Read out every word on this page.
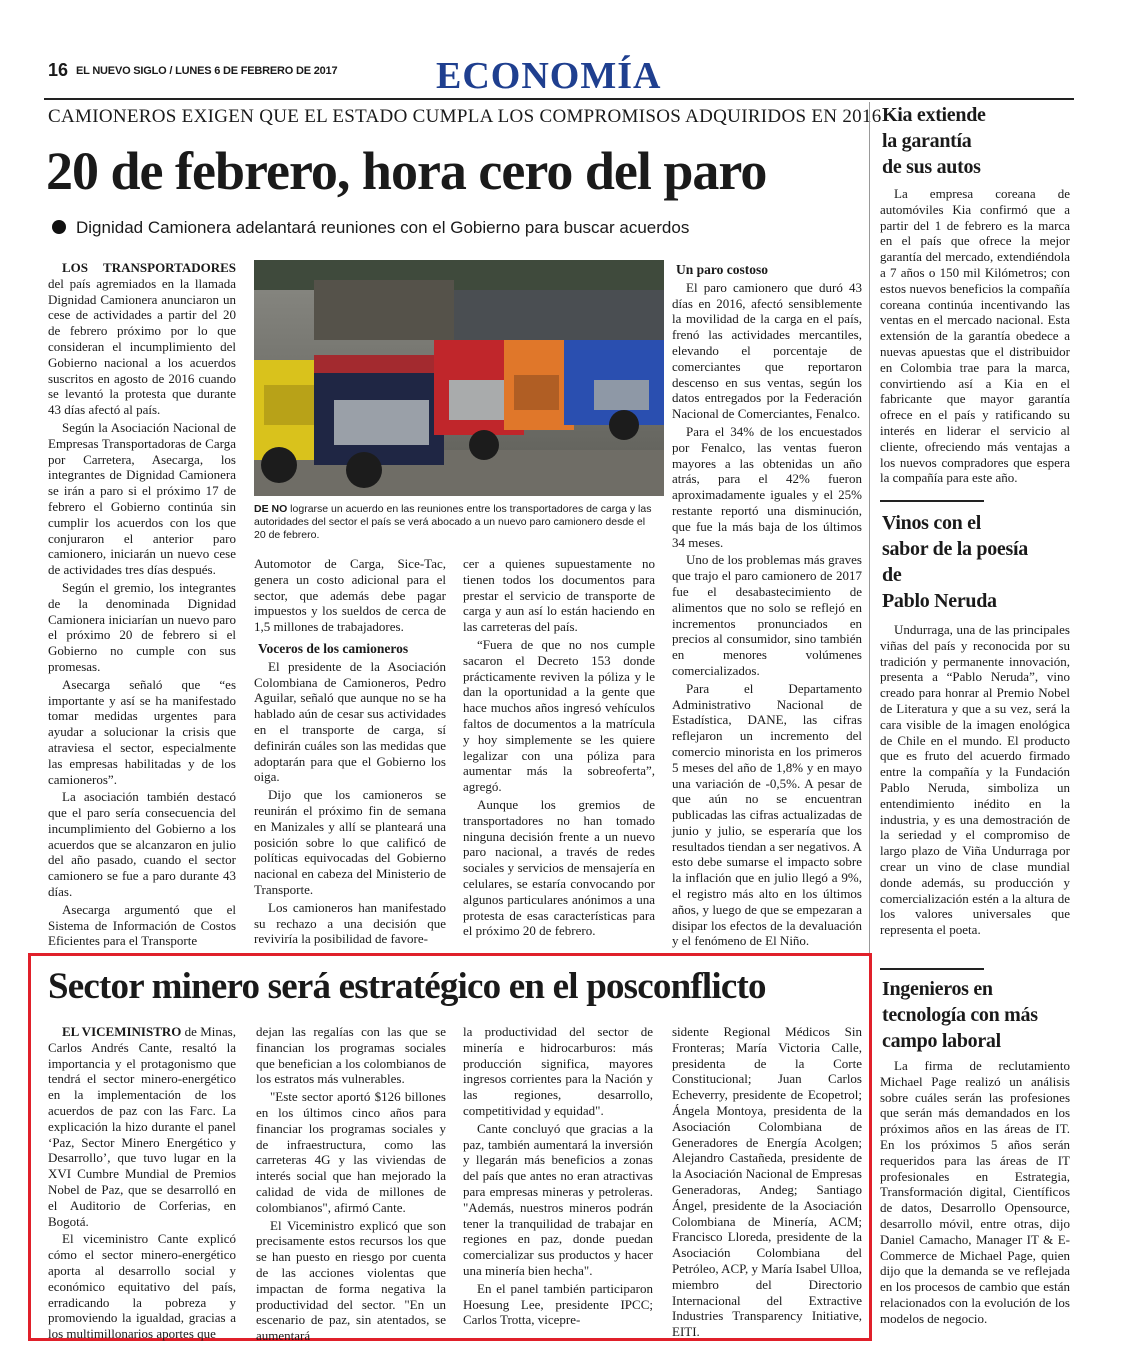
16 EL NUEVO SIGLO / LUNES 6 DE FEBRERO DE 2017	ECONOMÍA
CAMIONEROS EXIGEN QUE EL ESTADO CUMPLA LOS COMPROMISOS ADQUIRIDOS EN 2016
20 de febrero, hora cero del paro
Dignidad Camionera adelantará reuniones con el Gobierno para buscar acuerdos

LOS TRANSPORTADORES del país agremiados en la llamada Dignidad Camionera anunciaron un cese de actividades a partir del 20 de febrero próximo por lo que consideran el incumplimiento del Gobierno nacional a los acuerdos suscritos en agosto de 2016 cuando se levantó la protesta que durante 43 días afectó al país.

Según la Asociación Nacional de Empresas Transportadoras de Carga por Carretera, Asecarga, los integrantes de Dignidad Camionera se irán a paro si el próximo 17 de febrero el Gobierno continúa sin cumplir los acuerdos con los que conjuraron el anterior paro camionero, iniciarán un nuevo cese de actividades tres días después.

Según el gremio, los integrantes de la denominada Dignidad Camionera iniciarían un nuevo paro el próximo 20 de febrero si el Gobierno no cumple con sus promesas.

Asecarga señaló que “es importante y así se ha manifestado tomar medidas urgentes para ayudar a solucionar la crisis que atraviesa el sector, especialmente las empresas habilitadas y de los camioneros”.

La asociación también destacó que el paro sería consecuencia del incumplimiento del Gobierno a los acuerdos que se alcanzaron en julio del año pasado, cuando el sector camionero se fue a paro durante 43 días.

Asecarga argumentó que el Sistema de Información de Costos Eficientes para el Transporte

DE NO lograrse un acuerdo en las reuniones entre los transportadores de carga y las autoridades del sector el país se verá abocado a un nuevo paro camionero desde el 20 de febrero.

Automotor de Carga, Sice-Tac, genera un costo adicional para el sector, que además debe pagar impuestos y los sueldos de cerca de 1,5 millones de trabajadores.

Voceros de los camioneros

El presidente de la Asociación Colombiana de Camioneros, Pedro Aguilar, señaló que aunque no se ha hablado aún de cesar sus actividades en el transporte de carga, sí definirán cuáles son las medidas que adoptarán para que el Gobierno los oiga.

Dijo que los camioneros se reunirán el próximo fin de semana en Manizales y allí se planteará una posición sobre lo que calificó de políticas equivocadas del Gobierno nacional en cabeza del Ministerio de Transporte.

Los camioneros han manifestado su rechazo a una decisión que reviviría la posibilidad de favore-

cer a quienes supuestamente no tienen todos los documentos para prestar el servicio de transporte de carga y aun así lo están haciendo en las carreteras del país.

“Fuera de que no nos cumple sacaron el Decreto 153 donde prácticamente reviven la póliza y le dan la oportunidad a la gente que hace muchos años ingresó vehículos faltos de documentos a la matrícula y hoy simplemente se les quiere legalizar con una póliza para aumentar más la sobreoferta”, agregó.

Aunque los gremios de transportadores no han tomado ninguna decisión frente a un nuevo paro nacional, a través de redes sociales y servicios de mensajería en celulares, se estaría convocando por algunos particulares anónimos a una protesta de esas características para el próximo 20 de febrero.

Un paro costoso

El paro camionero que duró 43 días en 2016, afectó sensiblemente la movilidad de la carga en el país, frenó las actividades mercantiles, elevando el porcentaje de comerciantes que reportaron descenso en sus ventas, según los datos entregados por la Federación Nacional de Comerciantes, Fenalco.

Para el 34% de los encuestados por Fenalco, las ventas fueron mayores a las obtenidas un año atrás, para el 42% fueron aproximadamente iguales y el 25% restante reportó una disminución, que fue la más baja de los últimos 34 meses.

Uno de los problemas más graves que trajo el paro camionero de 2017 fue el desabastecimiento de alimentos que no solo se reflejó en incrementos pronunciados en precios al consumidor, sino también en menores volúmenes comercializados.

Para el Departamento Administrativo Nacional de Estadística, DANE, las cifras reflejaron un incremento del comercio minorista en los primeros 5 meses del año de 1,8% y en mayo una variación de -0,5%. A pesar de que aún no se encuentran publicadas las cifras actualizadas de junio y julio, se esperaría que los resultados tiendan a ser negativos. A esto debe sumarse el impacto sobre la inflación que en julio llegó a 9%, el registro más alto en los últimos años, y luego de que se empezaran a disipar los efectos de la devaluación y el fenómeno de El Niño.

Kia extiende
la garantía
de sus autos

La empresa coreana de automóviles Kia confirmó que a partir del 1 de febrero es la marca en el país que ofrece la mejor garantía del mercado, extendiéndola a 7 años o 150 mil Kilómetros; con estos nuevos beneficios la compañía coreana continúa incentivando las ventas en el mercado nacional. Esta extensión de la garantía obedece a nuevas apuestas que el distribuidor en Colombia trae para la marca, convirtiendo así a Kia en el fabricante que mayor garantía ofrece en el país y ratificando su interés en liderar el servicio al cliente, ofreciendo más ventajas a los nuevos compradores que espera la compañía para este año.

Vinos con el
sabor de la poesía
de
Pablo Neruda

Undurraga, una de las principales viñas del país y reconocida por su tradición y permanente innovación, presenta a “Pablo Neruda”, vino creado para honrar al Premio Nobel de Literatura y que a su vez, será la cara visible de la imagen enológica de Chile en el mundo. El producto que es fruto del acuerdo firmado entre la compañía y la Fundación Pablo Neruda, simboliza un entendimiento inédito en la industria, y es una demostración de la seriedad y el compromiso de largo plazo de Viña Undurraga por crear un vino de clase mundial donde además, su producción y comercialización estén a la altura de los valores universales que representa el poeta.

Ingenieros en
tecnología con más
campo laboral

La firma de reclutamiento Michael Page realizó un análisis sobre cuáles serán las profesiones que serán más demandados en los próximos años en las áreas de IT. En los próximos 5 años serán requeridos para las áreas de IT profesionales en Estrategia, Transformación digital, Científicos de datos, Desarrollo Opensource, desarrollo móvil, entre otras, dijo Daniel Camacho, Manager IT & E-Commerce de Michael Page, quien dijo que la demanda se ve reflejada en los procesos de cambio que están relacionados con la evolución de los modelos de negocio.

Sector minero será estratégico en el posconflicto

EL VICEMINISTRO de Minas, Carlos Andrés Cante, resaltó la importancia y el protagonismo que tendrá el sector minero-energético en la implementación de los acuerdos de paz con las Farc. La explicación la hizo durante el panel ‘Paz, Sector Minero Energético y Desarrollo’, que tuvo lugar en la XVI Cumbre Mundial de Premios Nobel de Paz, que se desarrolló en el Auditorio de Corferias, en Bogotá.

El viceministro Cante explicó cómo el sector minero-energético aporta al desarrollo social y económico equitativo del país, erradicando la pobreza y promoviendo la igualdad, gracias a los multimillonarios aportes que

dejan las regalías con las que se financian los programas sociales que benefician a los colombianos de los estratos más vulnerables.

"Este sector aportó $126 billones en los últimos cinco años para financiar los programas sociales y de infraestructura, como las carreteras 4G y las viviendas de interés social que han mejorado la calidad de vida de millones de colombianos", afirmó Cante.

El Viceministro explicó que son precisamente estos recursos los que se han puesto en riesgo por cuenta de las acciones violentas que impactan de forma negativa la productividad del sector. "En un escenario de paz, sin atentados, se aumentará

la productividad del sector de minería e hidrocarburos: más producción significa, mayores ingresos corrientes para la Nación y las regiones, desarrollo, competitividad y equidad".

Cante concluyó que gracias a la paz, también aumentará la inversión y llegarán más beneficios a zonas del país que antes no eran atractivas para empresas mineras y petroleras. "Además, nuestros mineros podrán tener la tranquilidad de trabajar en regiones en paz, donde puedan comercializar sus productos y hacer una minería bien hecha".

En el panel también participaron Hoesung Lee, presidente IPCC; Carlos Trotta, vicepre-

sidente Regional Médicos Sin Fronteras; María Victoria Calle, presidenta de la Corte Constitucional; Juan Carlos Echeverry, presidente de Ecopetrol; Ángela Montoya, presidenta de la Asociación Colombiana de Generadores de Energía Acolgen; Alejandro Castañeda, presidente de la Asociación Nacional de Empresas Generadoras, Andeg; Santiago Ángel, presidente de la Asociación Colombiana de Minería, ACM; Francisco Lloreda, presidente de la Asociación Colombiana del Petróleo, ACP, y María Isabel Ulloa, miembro del Directorio Internacional del Extractive Industries Transparency Initiative, EITI.
